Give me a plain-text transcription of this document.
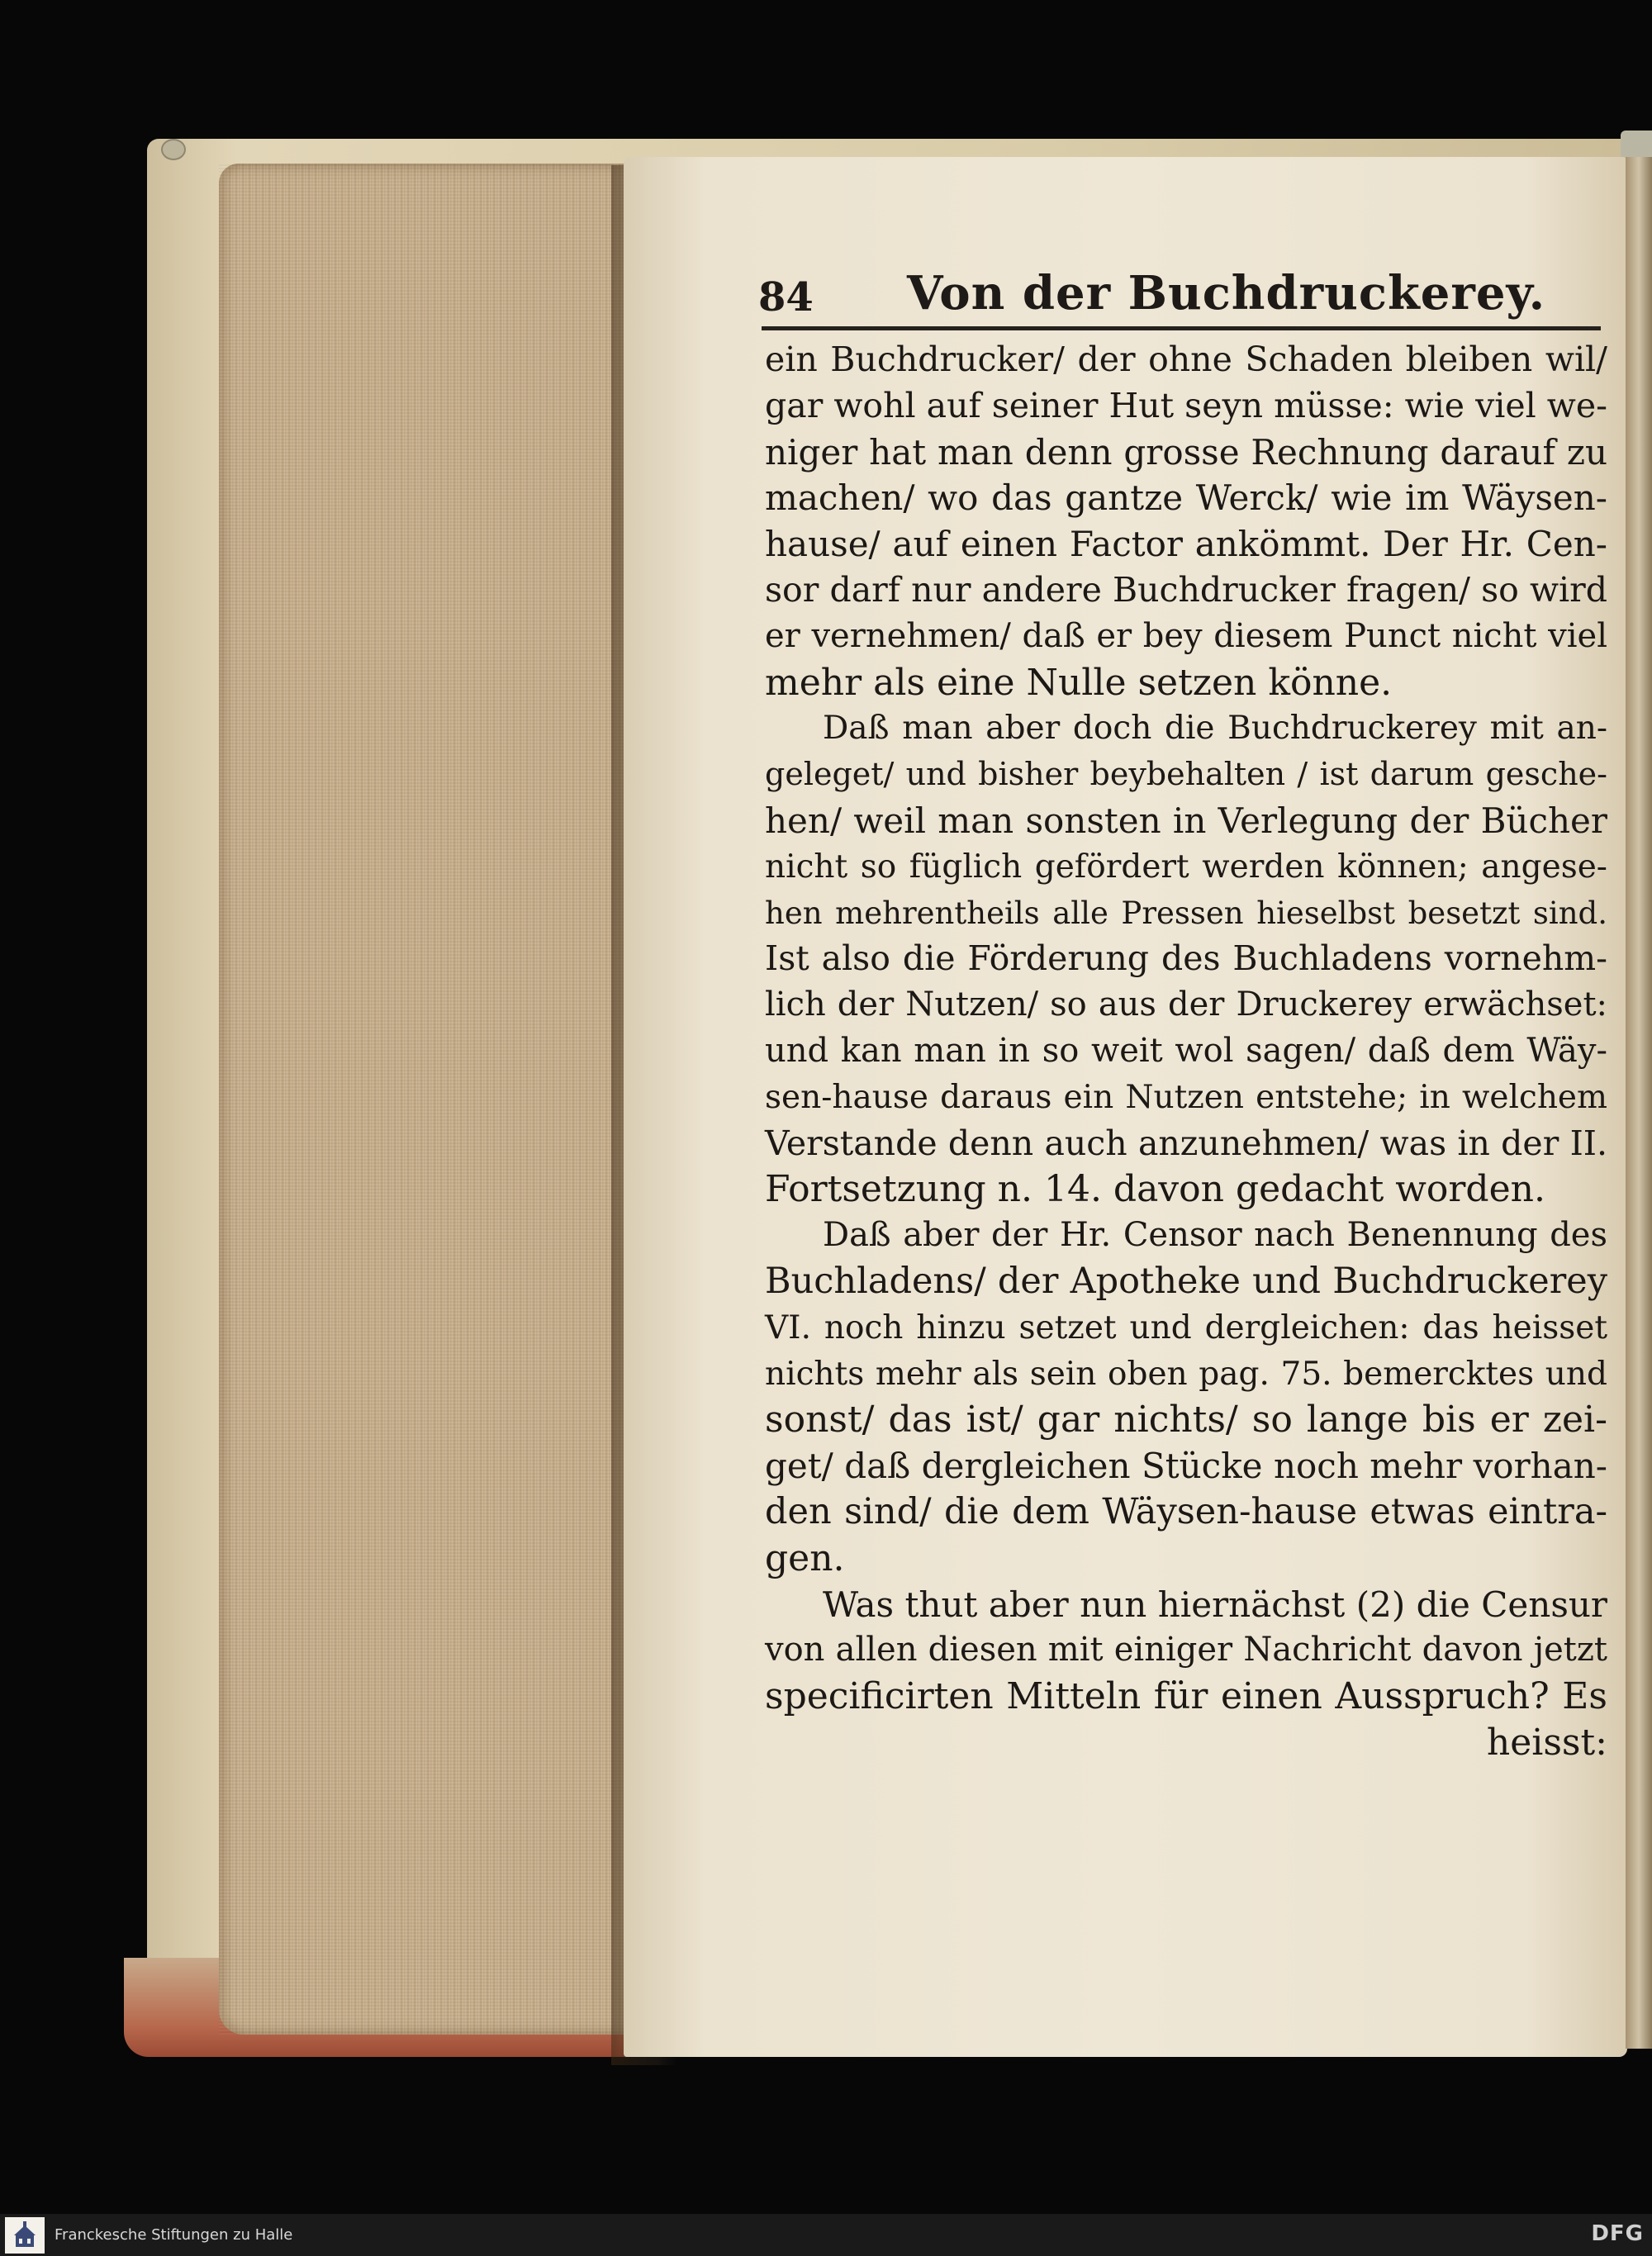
84	Von der Buchdruckerey.
ein Buchdrucker/ der ohne Schaden bleiben wil/
gar wohl auf seiner Hut seyn müsse: wie viel we-
niger hat man denn grosse Rechnung darauf zu
machen/ wo das gantze Werck/ wie im Wäysen-
hause/ auf einen Factor ankömmt. Der Hr. Cen-
sor darf nur andere Buchdrucker fragen/ so wird
er vernehmen/ daß er bey diesem Punct nicht viel
mehr als eine Nulle setzen könne.
Daß man aber doch die Buchdruckerey mit an-
geleget/ und bisher beybehalten / ist darum gesche-
hen/ weil man sonsten in Verlegung der Bücher
nicht so füglich gefördert werden können; angese-
hen mehrentheils alle Pressen hieselbst besetzt sind.
Ist also die Förderung des Buchladens vornehm-
lich der Nutzen/ so aus der Druckerey erwächset:
und kan man in so weit wol sagen/ daß dem Wäy-
sen-hause daraus ein Nutzen entstehe; in welchem
Verstande denn auch anzunehmen/ was in der II.
Fortsetzung n. 14. davon gedacht worden.
Daß aber der Hr. Censor nach Benennung des
Buchladens/ der Apotheke und Buchdruckerey
VI. noch hinzu setzet und dergleichen: das heisset
nichts mehr als sein oben pag. 75. bemercktes und
sonst/ das ist/ gar nichts/ so lange bis er zei-
get/ daß dergleichen Stücke noch mehr vorhan-
den sind/ die dem Wäysen-hause etwas eintra-
gen.
Was thut aber nun hiernächst (2) die Censur
von allen diesen mit einiger Nachricht davon jetzt
specificirten Mitteln für einen Ausspruch? Es
heisst:
Franckesche Stiftungen zu Halle	DFG
